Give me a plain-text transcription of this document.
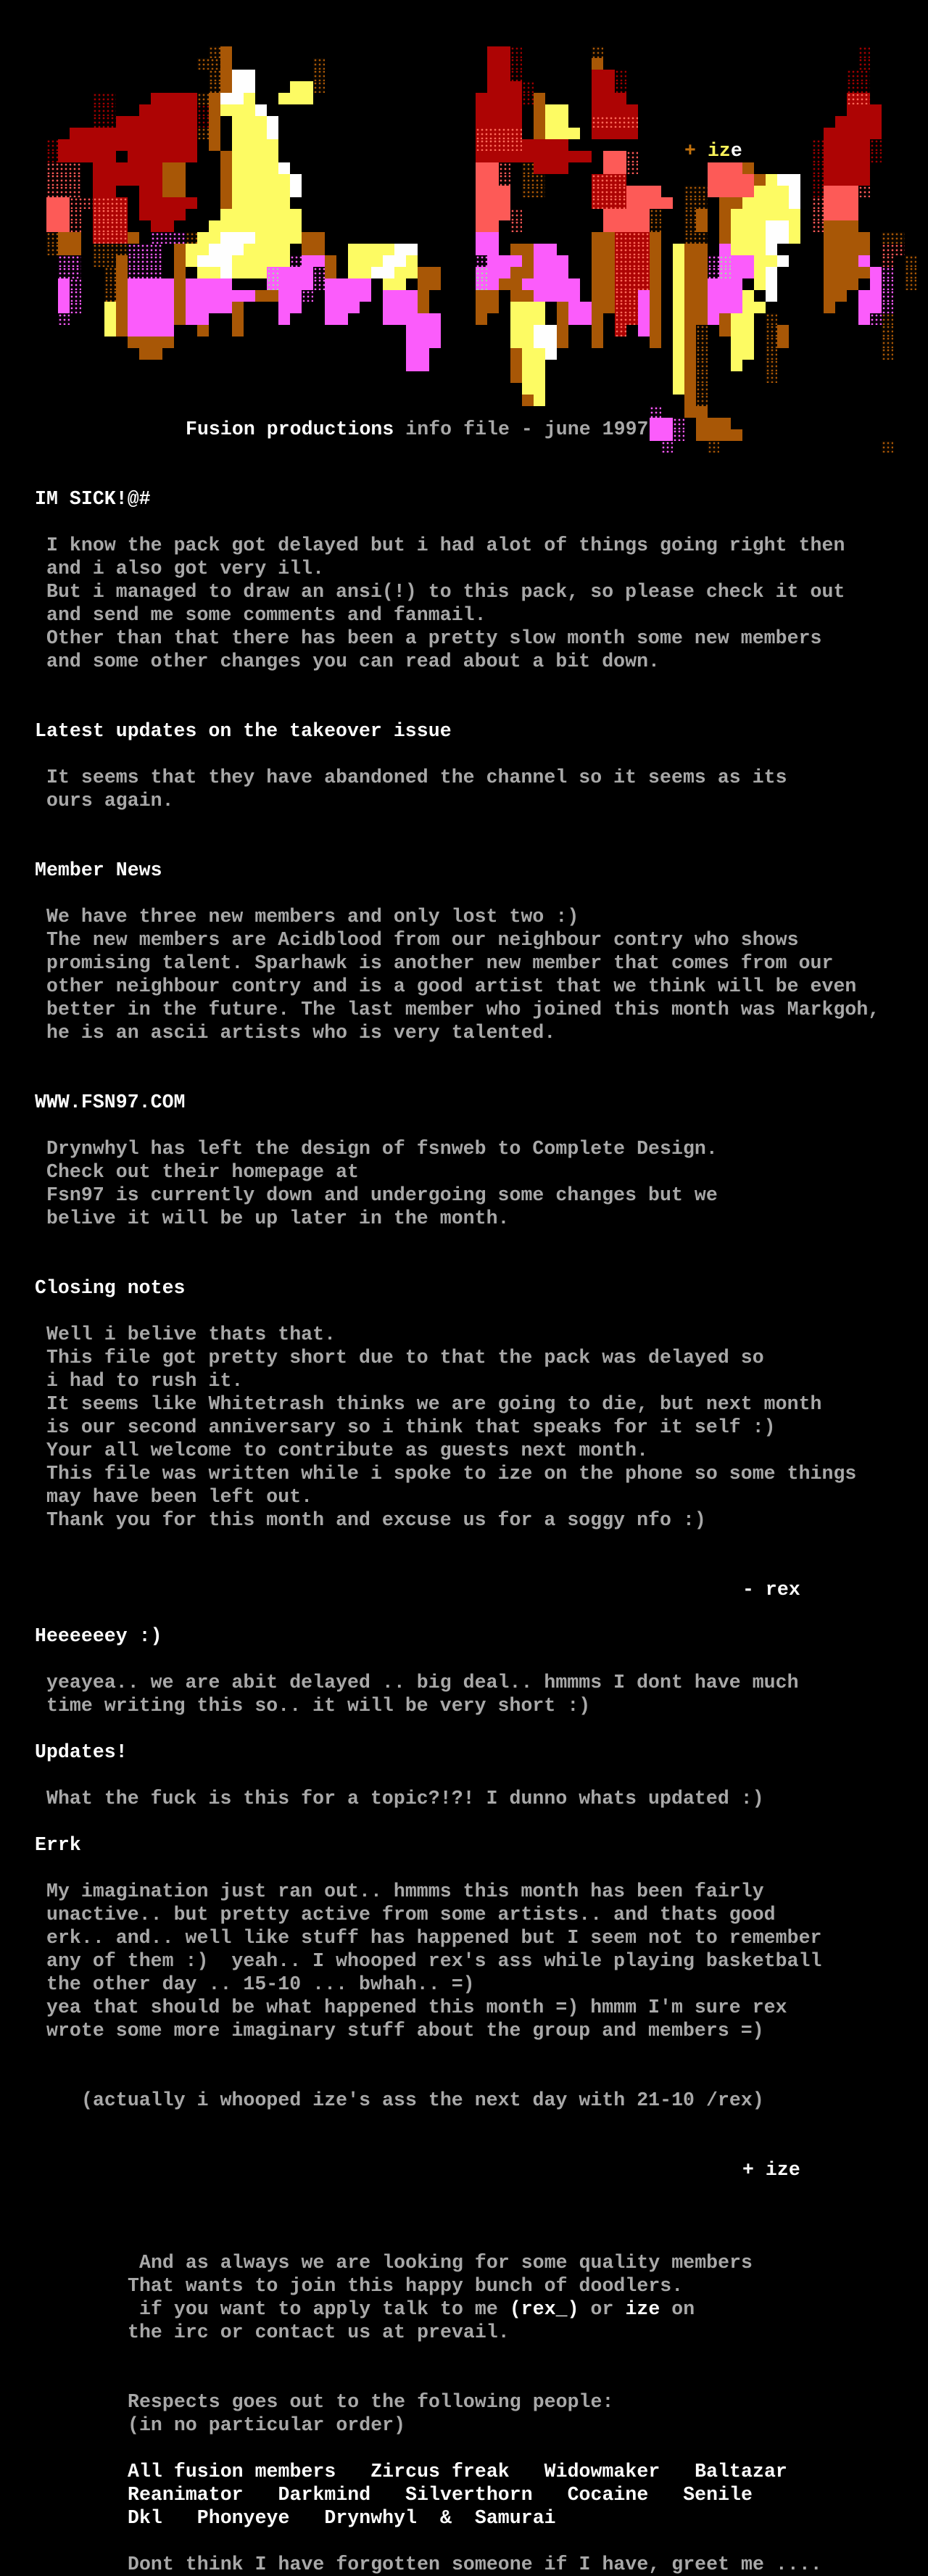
+ ize
Fusion productions info file - june 1997
IM SICK!@#
I know the pack got delayed but i had alot of things going right then
and i also got very ill.
But i managed to draw an ansi(!) to this pack, so please check it out
and send me some comments and fanmail.
Other than that there has been a pretty slow month some new members
and some other changes you can read about a bit down.
Latest updates on the takeover issue
It seems that they have abandoned the channel so it seems as its
ours again.
Member News
We have three new members and only lost two :)
The new members are Acidblood from our neighbour contry who shows
promising talent. Sparhawk is another new member that comes from our
other neighbour contry and is a good artist that we think will be even
better in the future. The last member who joined this month was Markgoh,
he is an ascii artists who is very talented.
WWW.FSN97.COM
Drynwhyl has left the design of fsnweb to Complete Design.
Check out their homepage at
Fsn97 is currently down and undergoing some changes but we
belive it will be up later in the month.
Closing notes
Well i belive thats that.
This file got pretty short due to that the pack was delayed so
i had to rush it.
It seems like Whitetrash thinks we are going to die, but next month
is our second anniversary so i think that speaks for it self :)
Your all welcome to contribute as guests next month.
This file was written while i spoke to ize on the phone so some things
may have been left out.
Thank you for this month and excuse us for a soggy nfo :)
- rex
Heeeeeey :)
yeayea.. we are abit delayed .. big deal.. hmmms I dont have much
time writing this so.. it will be very short :)
Updates!
What the fuck is this for a topic?!?! I dunno whats updated :)
Errk
My imagination just ran out.. hmmms this month has been fairly
unactive.. but pretty active from some artists.. and thats good
erk.. and.. well like stuff has happened but I seem not to remember
any of them :)  yeah.. I whooped rex's ass while playing basketball
the other day .. 15-10 ... bwhah.. =)
yea that should be what happened this month =) hmmm I'm sure rex
wrote some more imaginary stuff about the group and members =)
(actually i whooped ize's ass the next day with 21-10 /rex)
+ ize
And as always we are looking for some quality members
That wants to join this happy bunch of doodlers.
if you want to apply talk to me (rex_) or ize on
the irc or contact us at prevail.
Respects goes out to the following people:
(in no particular order)
All fusion members   Zircus freak   Widowmaker   Baltazar
Reanimator   Darkmind   Silverthorn   Cocaine   Senile
Dkl   Phonyeye   Drynwhyl  &  Samurai
Dont think I have forgotten someone if I have, greet me ....
